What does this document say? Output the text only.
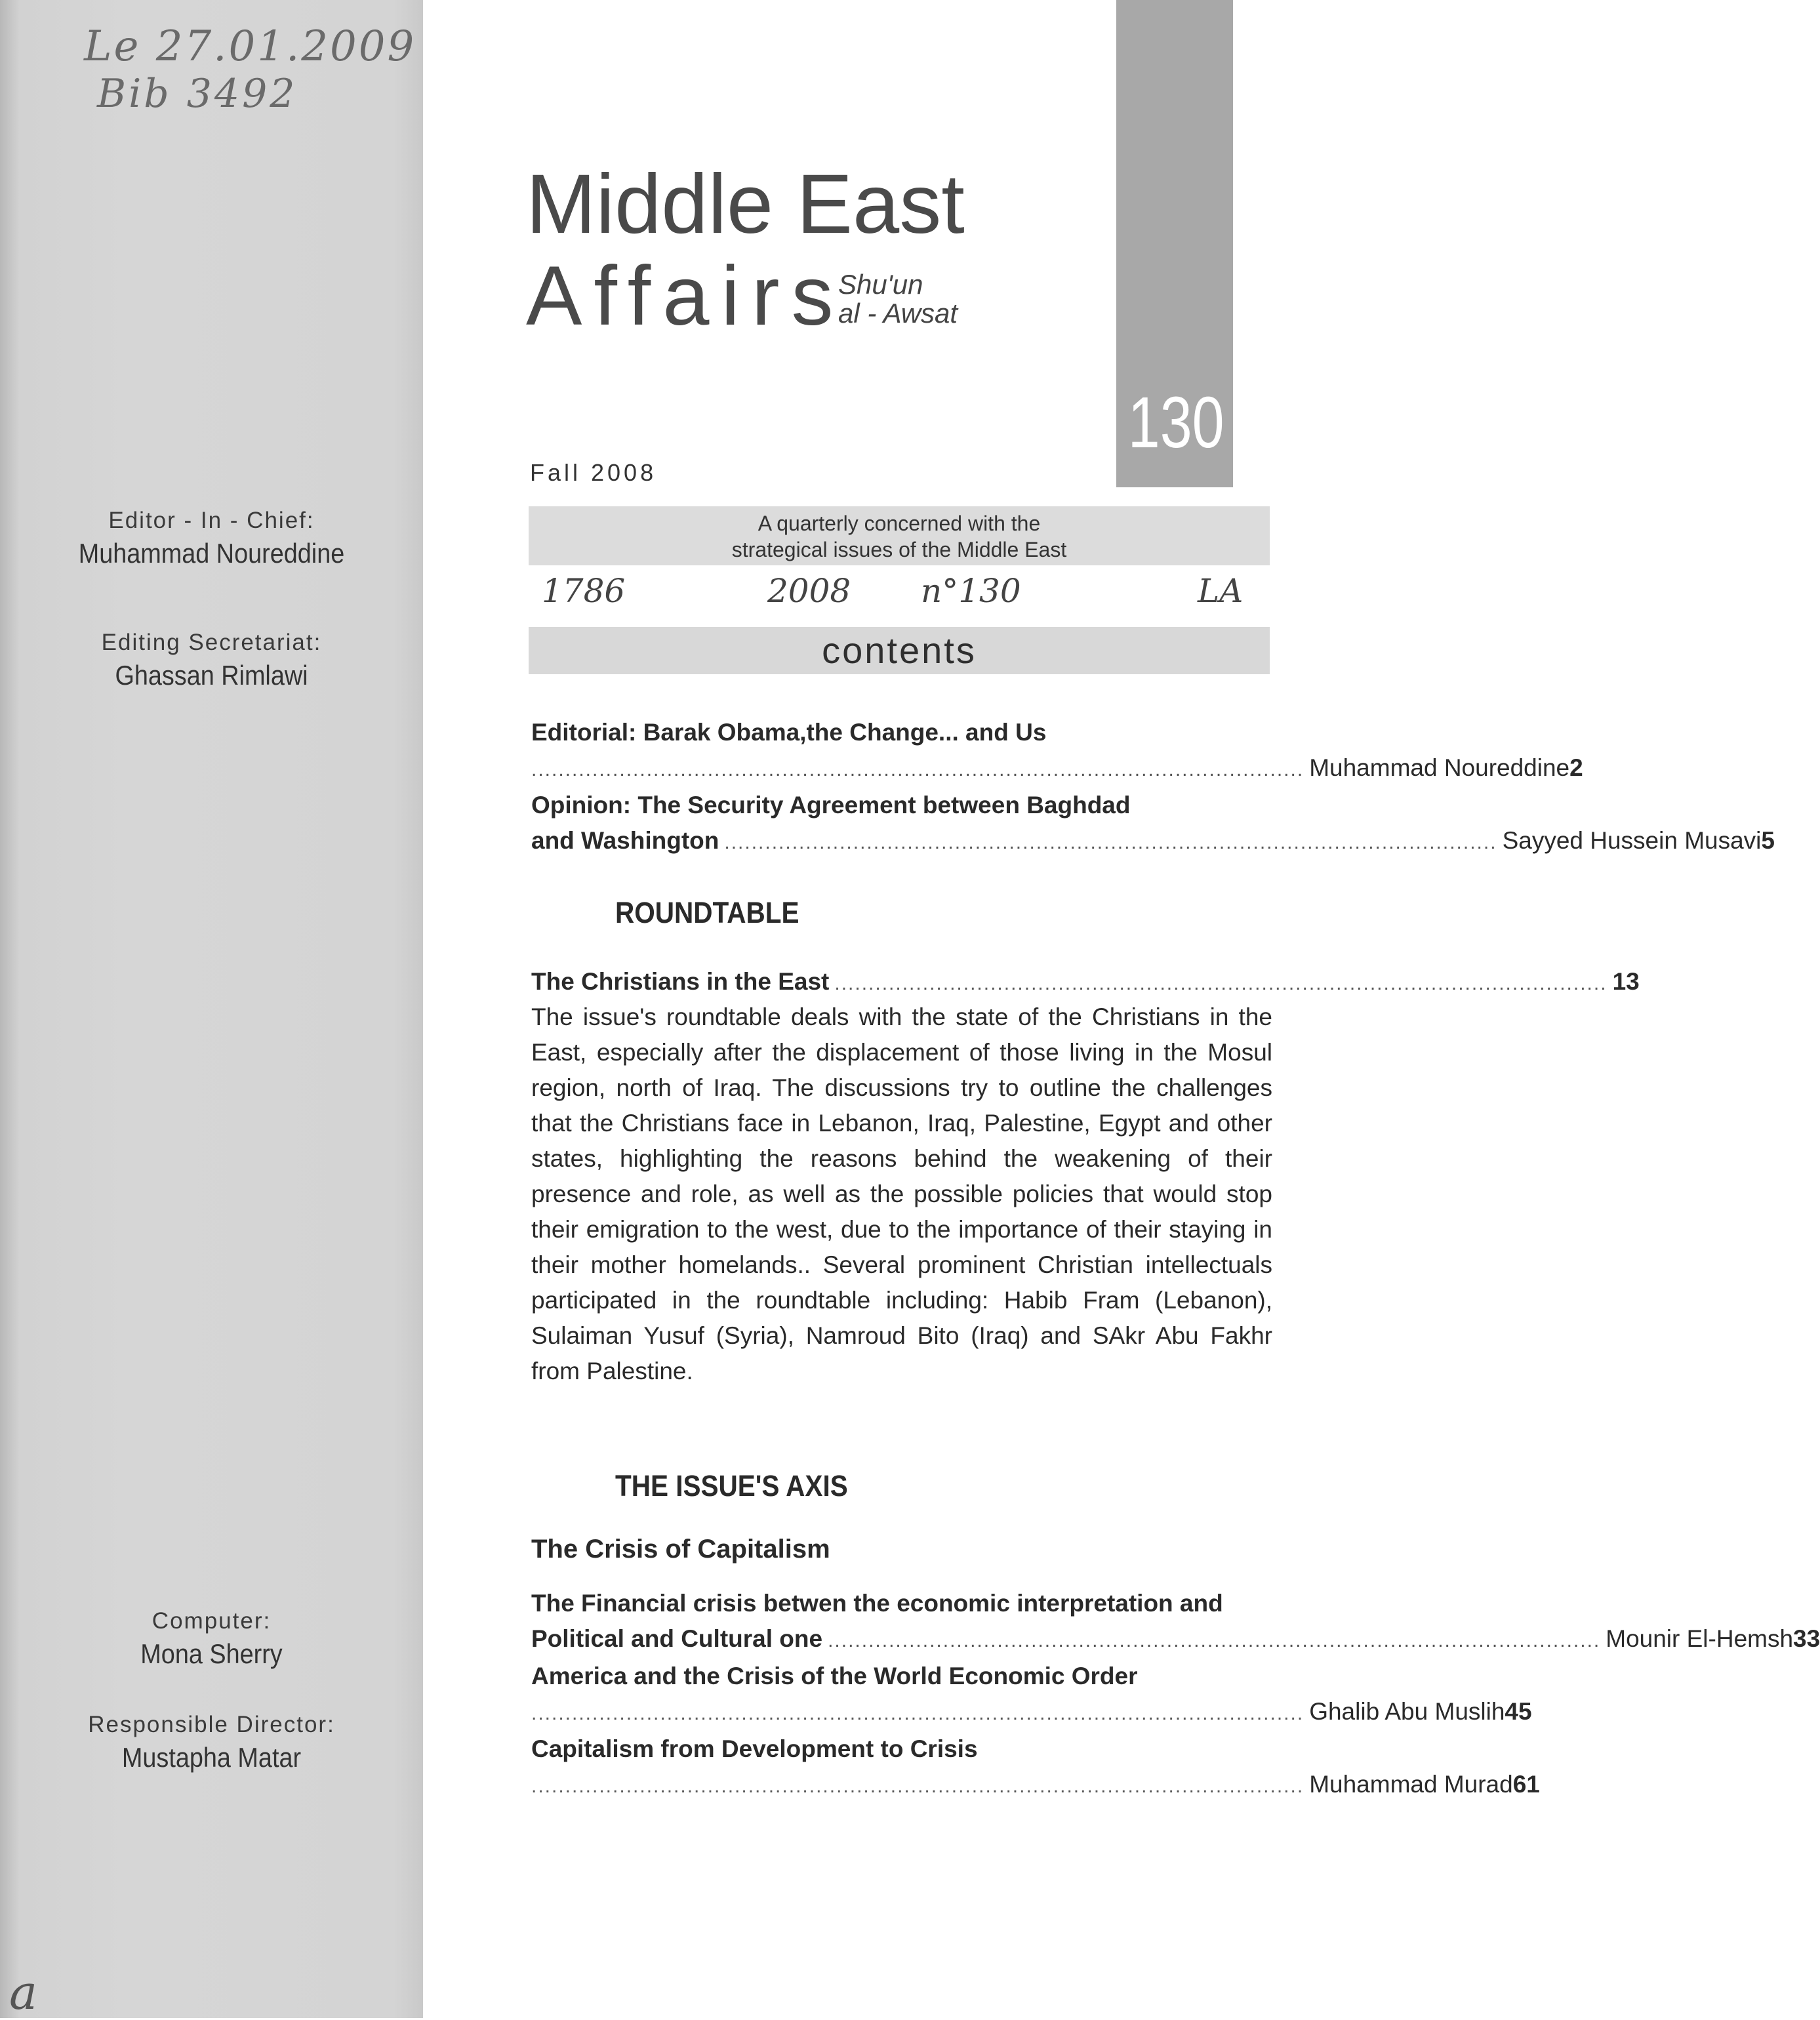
Le 27.01.2009
Bib 3492
Editor - In - Chief:
Muhammad Noureddine
Editing Secretariat:
Ghassan Rimlawi
Computer:
Mona Sherry
Responsible Director:
Mustapha Matar
a
Middle East
Affairs
Shu'un
al - Awsat
130
Fall 2008
A quarterly concerned with the
strategical issues of the Middle East
1786	2008 n°130	LA
contents
Editorial: Barak Obama,the Change... and Us
.................................................................................................................. Muhammad Noureddine 2
Opinion: The Security Agreement between Baghdad
and Washington .................................................................................................................. Sayyed Hussein Musavi 5
ROUNDTABLE
The Christians in the East .................................................................................................................. 13
The issue's roundtable deals with the state of the Christians in the East, especially after the displacement of those living in the Mosul region, north of Iraq. The discussions try to outline the challenges that the Christians face in Lebanon, Iraq, Palestine, Egypt and other states, highlighting the reasons behind the weakening of their presence and role, as well as the possible policies that would stop their emigration to the west, due to the importance of their staying in their mother homelands.. Several prominent Christian intellectuals participated in the roundtable including: Habib Fram (Lebanon), Sulaiman Yusuf (Syria), Namroud Bito (Iraq) and SAkr Abu Fakhr from Palestine.
THE ISSUE'S AXIS
The Crisis of Capitalism
The Financial crisis betwen the economic interpretation and
Political and Cultural one .................................................................................................................. Mounir El-Hemsh 33
America and the Crisis of the World Economic Order
.................................................................................................................. Ghalib Abu Muslih 45
Capitalism from Development to Crisis
.................................................................................................................. Muhammad Murad 61
